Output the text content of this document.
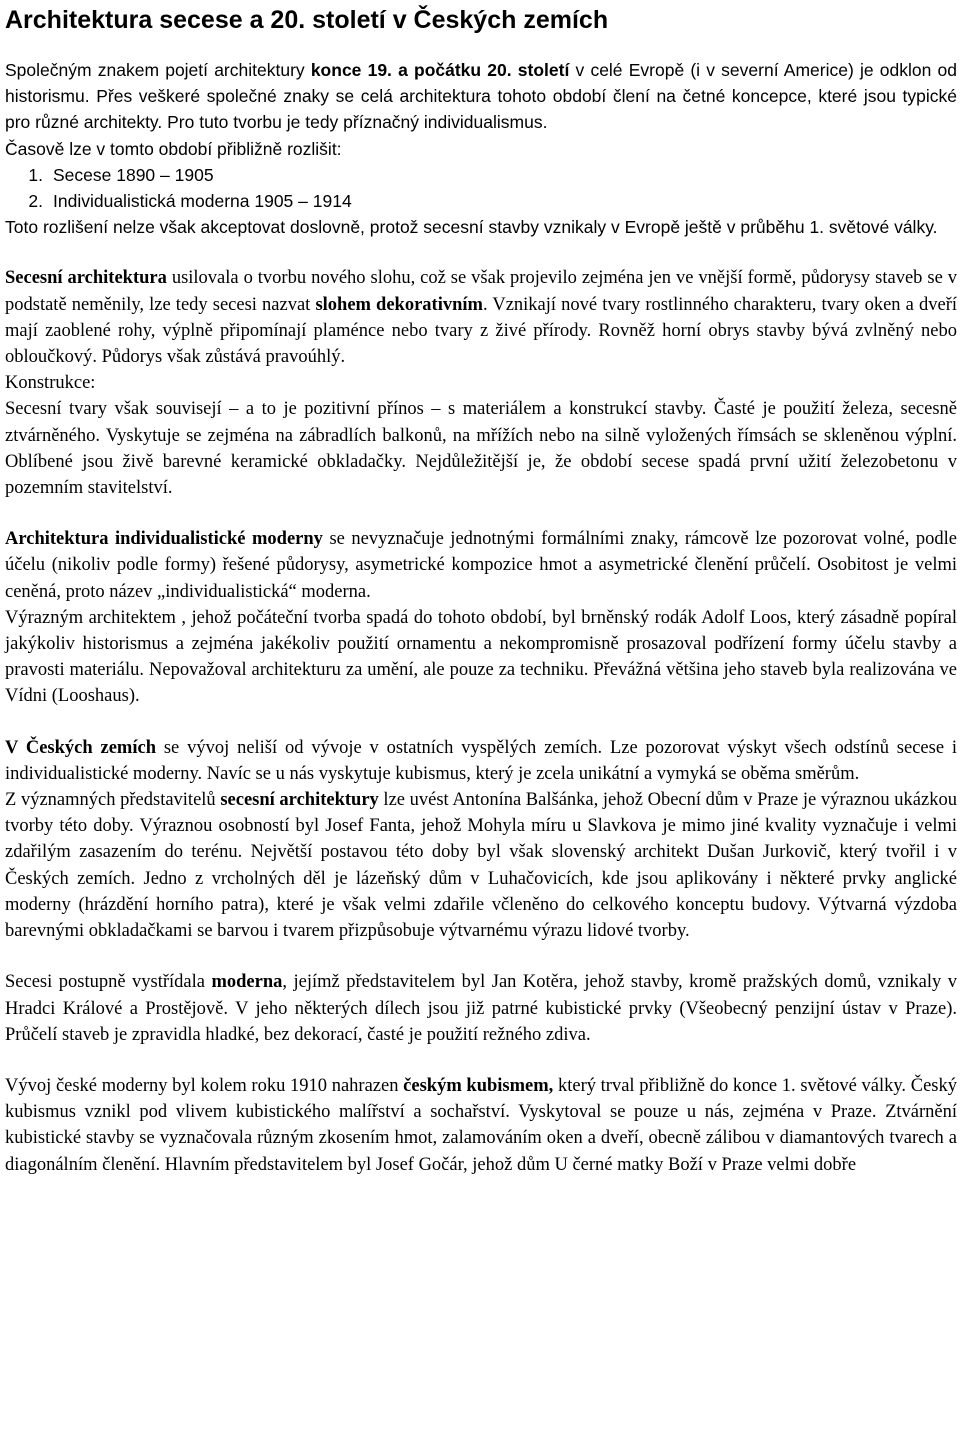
Architektura secese a 20. století v Českých zemích

Společným znakem pojetí architektury konce 19. a počátku 20. století v celé Evropě (i v severní Americe) je odklon od historismu. Přes veškeré společné znaky se celá architektura tohoto období člení na četné koncepce, které jsou typické pro různé architekty. Pro tuto tvorbu je tedy příznačný individualismus.

Časově lze v tomto období přibližně rozlišit:

1. Secese 1890 – 1905
2. Individualistická moderna 1905 – 1914

Toto rozlišení nelze však akceptovat doslovně, protož secesní stavby vznikaly v Evropě ještě v průběhu 1. světové války.

Secesní architektura usilovala o tvorbu nového slohu, což se však projevilo zejména jen ve vnější formě, půdorysy staveb se v podstatě neměnily, lze tedy secesi nazvat slohem dekorativním. Vznikají nové tvary rostlinného charakteru, tvary oken a dveří mají zaoblené rohy, výplně připomínají plaménce nebo tvary z živé přírody. Rovněž horní obrys stavby bývá zvlněný nebo obloučkový. Půdorys však zůstává pravoúhlý.

Konstrukce:

Secesní tvary však souvisejí – a to je pozitivní přínos – s materiálem a konstrukcí stavby. Časté je použití železa, secesně ztvárněného. Vyskytuje se zejména na zábradlích balkonů, na mřížích nebo na silně vyložených římsách se skleněnou výplní. Oblíbené jsou živě barevné keramické obkladačky. Nejdůležitější je, že období secese spadá první užití železobetonu v pozemním stavitelství.

Architektura individualistické moderny se nevyznačuje jednotnými formálními znaky, rámcově lze pozorovat volné, podle účelu (nikoliv podle formy) řešené půdorysy, asymetrické kompozice hmot a asymetrické členění průčelí. Osobitost je velmi ceněná, proto název „individualistická“ moderna.

Výrazným architektem , jehož počáteční tvorba spadá do tohoto období, byl brněnský rodák Adolf Loos, který zásadně popíral jakýkoliv historismus a zejména jakékoliv použití ornamentu a nekompromisně prosazoval podřízení formy účelu stavby a pravosti materiálu. Nepovažoval architekturu za umění, ale pouze za techniku. Převážná většina jeho staveb byla realizována ve Vídni (Looshaus).

V Českých zemích se vývoj neliší od vývoje v ostatních vyspělých zemích. Lze pozorovat výskyt všech odstínů secese i individualistické moderny. Navíc se u nás vyskytuje kubismus, který je zcela unikátní a vymyká se oběma směrům.

Z významných představitelů secesní architektury lze uvést Antonína Balšánka, jehož Obecní dům v Praze je výraznou ukázkou tvorby této doby. Výraznou osobností byl Josef Fanta, jehož Mohyla míru u Slavkova je mimo jiné kvality vyznačuje i velmi zdařilým zasazením do terénu. Největší postavou této doby byl však slovenský architekt Dušan Jurkovič, který tvořil i v Českých zemích. Jedno z vrcholných děl je lázeňský dům v Luhačovicích, kde jsou aplikovány i některé prvky anglické moderny (hrázdění horního patra), které je však velmi zdařile včleněno do celkového konceptu budovy. Výtvarná výzdoba barevnými obkladačkami se barvou i tvarem přizpůsobuje výtvarnému výrazu lidové tvorby.

Secesi postupně vystřídala moderna, jejímž představitelem byl Jan Kotěra, jehož stavby, kromě pražských domů, vznikaly v Hradci Králové a Prostějově. V jeho některých dílech jsou již patrné kubistické prvky (Všeobecný penzijní ústav v Praze). Průčelí staveb je zpravidla hladké, bez dekorací, časté je použití režného zdiva.

Vývoj české moderny byl kolem roku 1910 nahrazen českým kubismem, který trval přibližně do konce 1. světové války. Český kubismus vznikl pod vlivem kubistického malířství a sochařství. Vyskytoval se pouze u nás, zejména v Praze. Ztvárnění kubistické stavby se vyznačovala různým zkosením hmot, zalamováním oken a dveří, obecně zálibou v diamantových tvarech a diagonálním členění. Hlavním představitelem byl Josef Gočár, jehož dům U černé matky Boží v Praze velmi dobře
